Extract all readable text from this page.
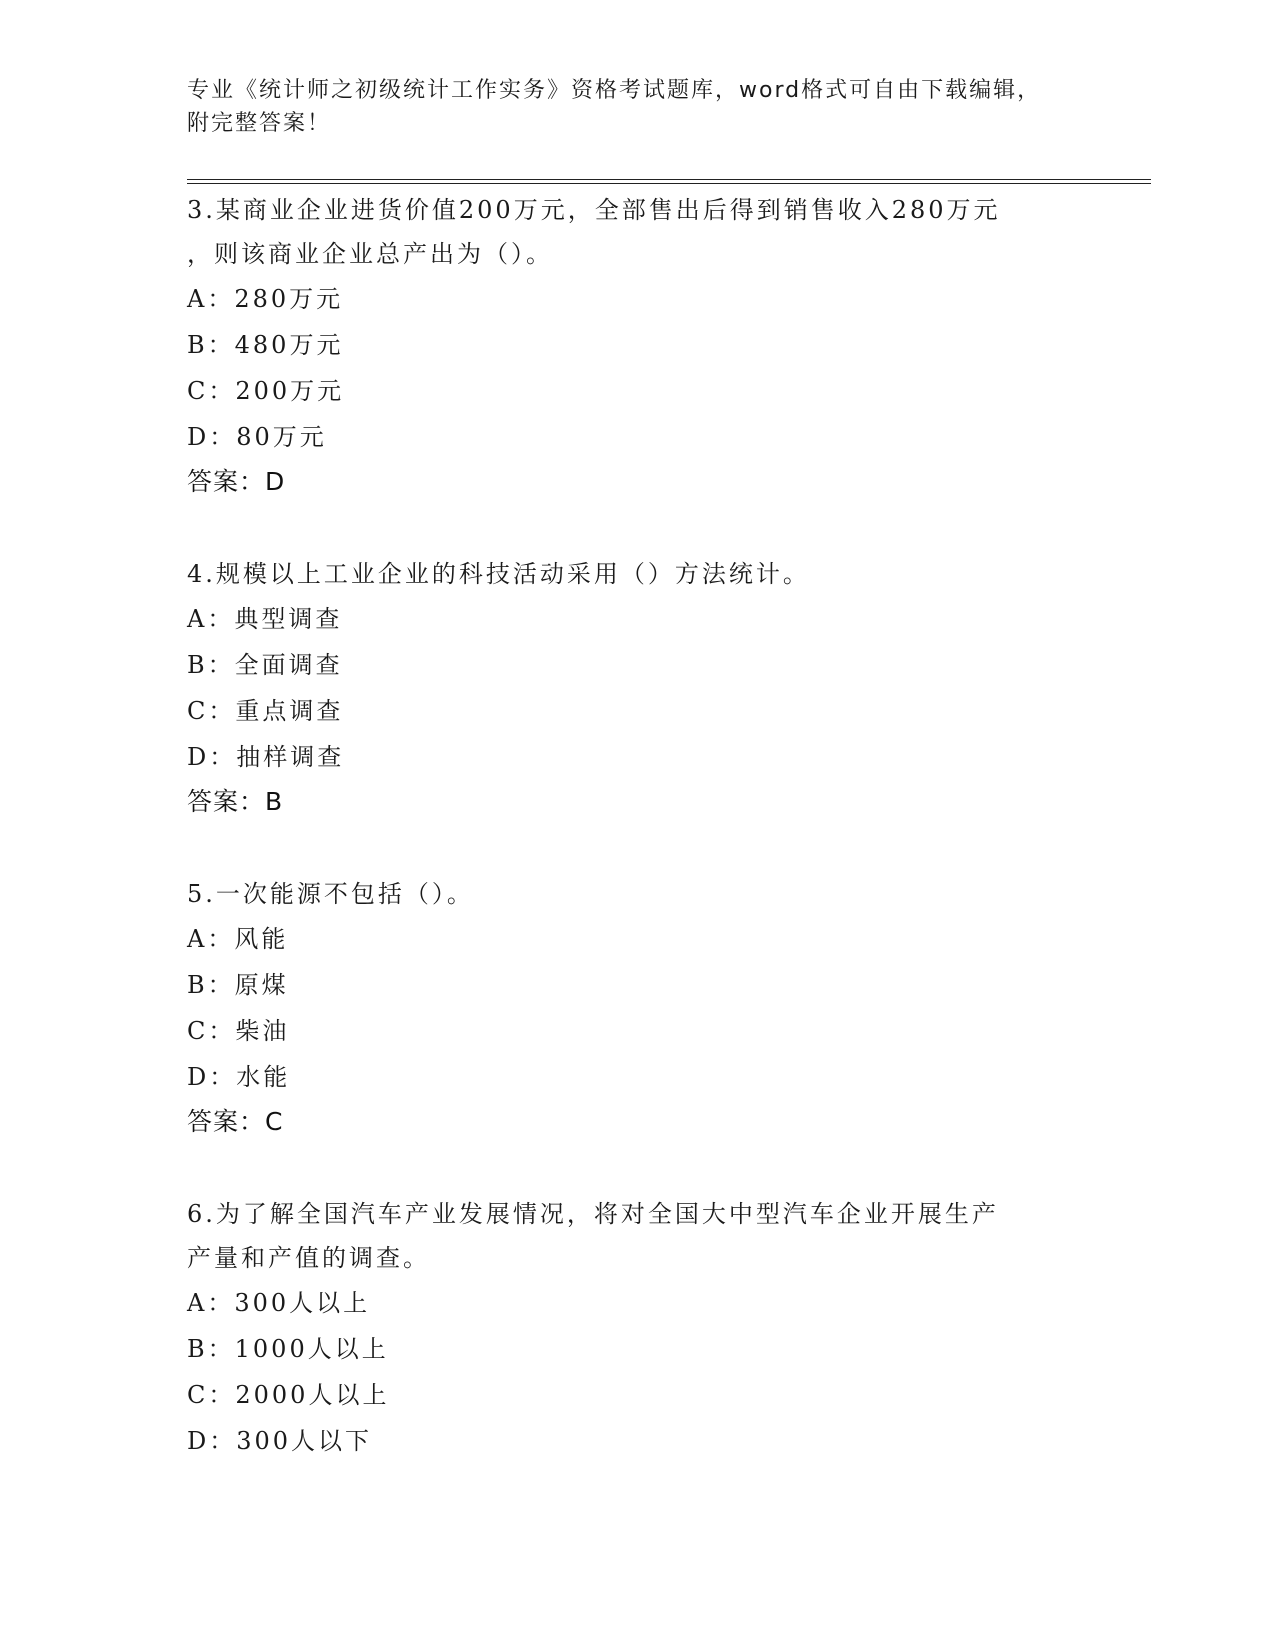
专业《统计师之初级统计工作实务》资格考试题库，word格式可自由下载编辑，
附完整答案！
3.某商业企业进货价值200万元，全部售出后得到销售收入280万元
，则该商业企业总产出为（）。
A：280万元
B：480万元
C：200万元
D：80万元
答案：D
4.规模以上工业企业的科技活动采用（）方法统计。
A：典型调查
B：全面调查
C：重点调查
D：抽样调查
答案：B
5.一次能源不包括（）。
A：风能
B：原煤
C：柴油
D：水能
答案：C
6.为了解全国汽车产业发展情况，将对全国大中型汽车企业开展生产
产量和产值的调查。
A：300人以上
B：1000人以上
C：2000人以上
D：300人以下
